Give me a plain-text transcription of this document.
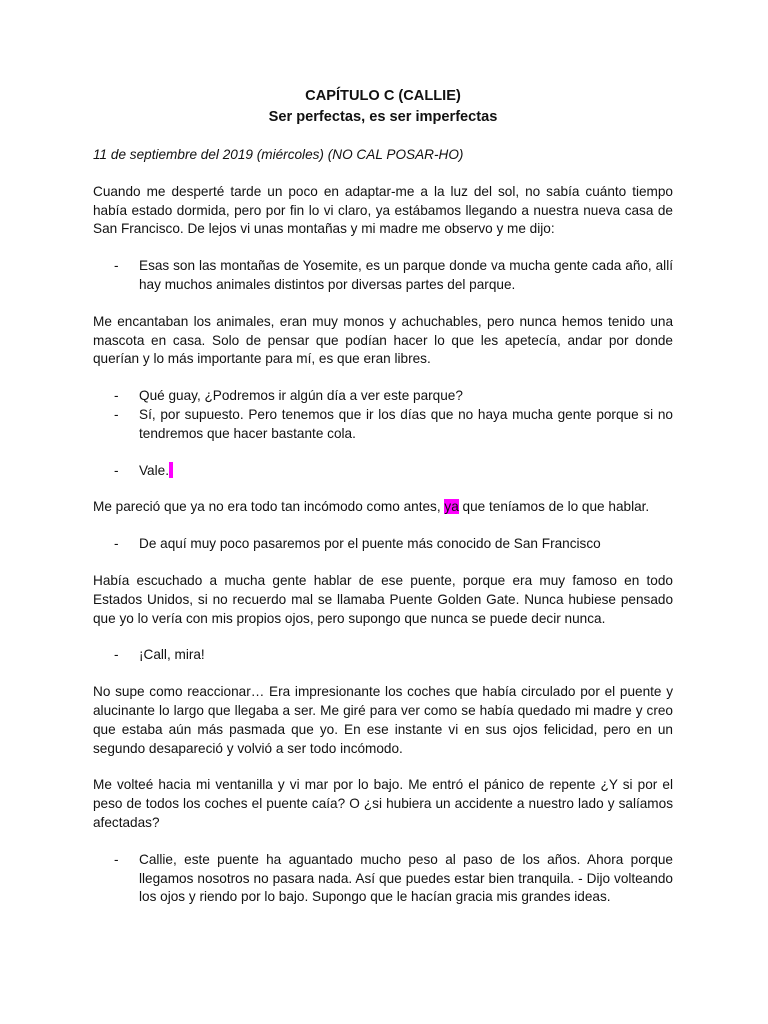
CAPÍTULO C (CALLIE)

Ser perfectas, es ser imperfectas

11 de septiembre del 2019 (miércoles) (NO CAL POSAR-HO)

Cuando me desperté tarde un poco en adaptar-me a la luz del sol, no sabía cuánto tiempo había estado dormida, pero por fin lo vi claro, ya estábamos llegando a nuestra nueva casa de San Francisco. De lejos vi unas montañas y mi madre me observo y me dijo:

- Esas son las montañas de Yosemite, es un parque donde va mucha gente cada año, allí hay muchos animales distintos por diversas partes del parque.

Me encantaban los animales, eran muy monos y achuchables, pero nunca hemos tenido una mascota en casa. Solo de pensar que podían hacer lo que les apetecía, andar por donde querían y lo más importante para mí, es que eran libres.

- Qué guay, ¿Podremos ir algún día a ver este parque?
- Sí, por supuesto. Pero tenemos que ir los días que no haya mucha gente porque si no tendremos que hacer bastante cola.
- Vale.

Me pareció que ya no era todo tan incómodo como antes, ya que teníamos de lo que hablar.

- De aquí muy poco pasaremos por el puente más conocido de San Francisco

Había escuchado a mucha gente hablar de ese puente, porque era muy famoso en todo Estados Unidos, si no recuerdo mal se llamaba Puente Golden Gate. Nunca hubiese pensado que yo lo vería con mis propios ojos, pero supongo que nunca se puede decir nunca.

- ¡Call, mira!

No supe como reaccionar… Era impresionante los coches que había circulado por el puente y alucinante lo largo que llegaba a ser. Me giré para ver como se había quedado mi madre y creo que estaba aún más pasmada que yo. En ese instante vi en sus ojos felicidad, pero en un segundo desapareció y volvió a ser todo incómodo.

Me volteé hacia mi ventanilla y vi mar por lo bajo. Me entró el pánico de repente ¿Y si por el peso de todos los coches el puente caía? O ¿si hubiera un accidente a nuestro lado y salíamos afectadas?

- Callie, este puente ha aguantado mucho peso al paso de los años. Ahora porque llegamos nosotros no pasara nada. Así que puedes estar bien tranquila. - Dijo volteando los ojos y riendo por lo bajo. Supongo que le hacían gracia mis grandes ideas.
